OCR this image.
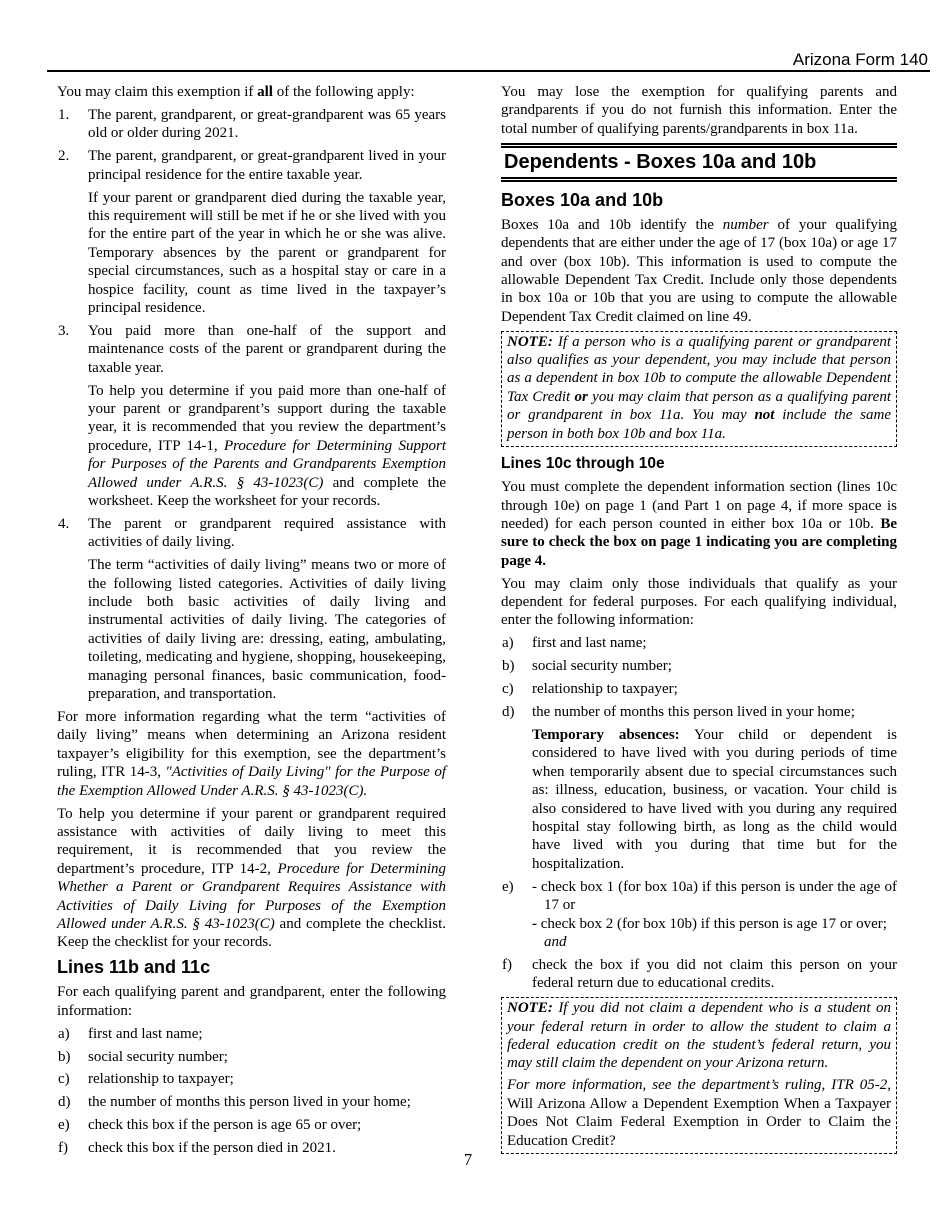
Arizona Form 140

You may claim this exemption if all of the following apply:

1. The parent, grandparent, or great-grandparent was 65 years old or older during 2021.

2. The parent, grandparent, or great-grandparent lived in your principal residence for the entire taxable year.

If your parent or grandparent died during the taxable year, this requirement will still be met if he or she lived with you for the entire part of the year in which he or she was alive. Temporary absences by the parent or grandparent for special circumstances, such as a hospital stay or care in a hospice facility, count as time lived in the taxpayer’s principal residence.

3. You paid more than one-half of the support and maintenance costs of the parent or grandparent during the taxable year.

To help you determine if you paid more than one-half of your parent or grandparent’s support during the taxable year, it is recommended that you review the department’s procedure, ITP 14-1, Procedure for Determining Support for Purposes of the Parents and Grandparents Exemption Allowed under A.R.S. § 43-1023(C) and complete the worksheet. Keep the worksheet for your records.

4. The parent or grandparent required assistance with activities of daily living.

The term “activities of daily living” means two or more of the following listed categories. Activities of daily living include both basic activities of daily living and instrumental activities of daily living. The categories of activities of daily living are: dressing, eating, ambulating, toileting, medicating and hygiene, shopping, housekeeping, managing personal finances, basic communication, food-preparation, and transportation.

For more information regarding what the term “activities of daily living” means when determining an Arizona resident taxpayer’s eligibility for this exemption, see the department’s ruling, ITR 14-3, "Activities of Daily Living" for the Purpose of the Exemption Allowed Under A.R.S. § 43-1023(C).

To help you determine if your parent or grandparent required assistance with activities of daily living to meet this requirement, it is recommended that you review the department’s procedure, ITP 14-2, Procedure for Determining Whether a Parent or Grandparent Requires Assistance with Activities of Daily Living for Purposes of the Exemption Allowed under A.R.S. § 43-1023(C) and complete the checklist. Keep the checklist for your records.

Lines 11b and 11c

For each qualifying parent and grandparent, enter the following information:

a) first and last name;

b) social security number;

c) relationship to taxpayer;

d) the number of months this person lived in your home;

e) check this box if the person is age 65 or over;

f) check this box if the person died in 2021.

You may lose the exemption for qualifying parents and grandparents if you do not furnish this information. Enter the total number of qualifying parents/grandparents in box 11a.

Dependents - Boxes 10a and 10b
Boxes 10a and 10b

Boxes 10a and 10b identify the number of your qualifying dependents that are either under the age of 17 (box 10a) or age 17 and over (box 10b). This information is used to compute the allowable Dependent Tax Credit. Include only those dependents in box 10a or 10b that you are using to compute the allowable Dependent Tax Credit claimed on line 49.

NOTE: If a person who is a qualifying parent or grandparent also qualifies as your dependent, you may include that person as a dependent in box 10b to compute the allowable Dependent Tax Credit or you may claim that person as a qualifying parent or grandparent in box 11a. You may not include the same person in both box 10b and box 11a.

Lines 10c through 10e

You must complete the dependent information section (lines 10c through 10e) on page 1 (and Part 1 on page 4, if more space is needed) for each person counted in either box 10a or 10b. Be sure to check the box on page 1 indicating you are completing page 4.

You may claim only those individuals that qualify as your dependent for federal purposes. For each qualifying individual, enter the following information:

a) first and last name;

b) social security number;

c) relationship to taxpayer;

d) the number of months this person lived in your home;

Temporary absences: Your child or dependent is considered to have lived with you during periods of time when temporarily absent due to special circumstances such as: illness, education, business, or vacation. Your child is also considered to have lived with you during any required hospital stay following birth, as long as the child would have lived with you during that time but for the hospitalization.

e) - check box 1 (for box 10a) if this person is under the age of 17 or

- check box 2 (for box 10b) if this person is age 17 or over;
and

f) check the box if you did not claim this person on your federal return due to educational credits.

NOTE: If you did not claim a dependent who is a student on your federal return in order to allow the student to claim a federal education credit on the student’s federal return, you may still claim the dependent on your Arizona return.

For more information, see the department’s ruling, ITR 05-2, Will Arizona Allow a Dependent Exemption When a Taxpayer Does Not Claim Federal Exemption in Order to Claim the Education Credit?

7
